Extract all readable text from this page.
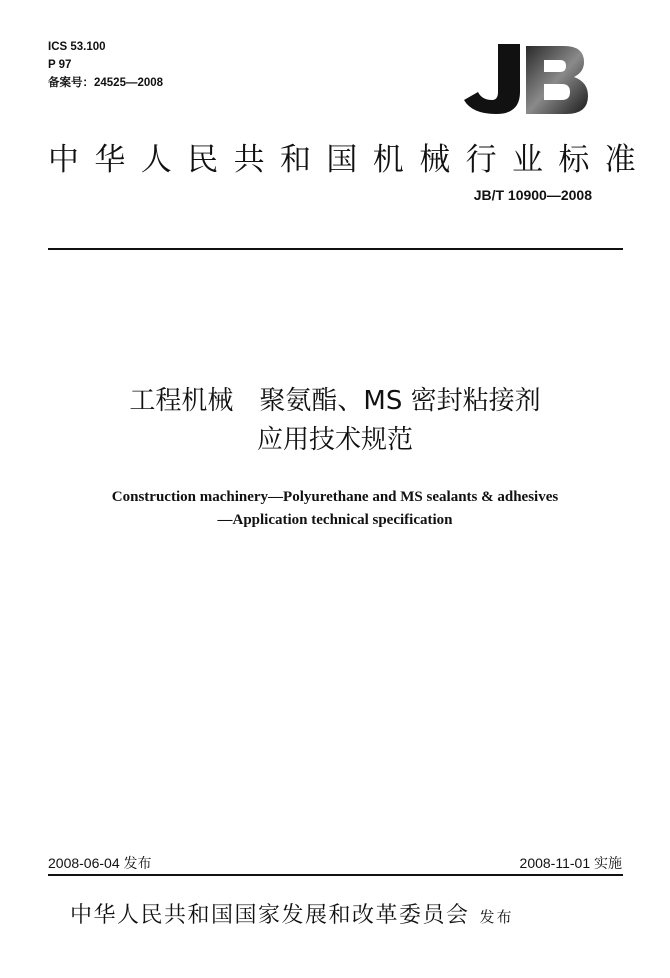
ICS 53.100
P 97
备案号：24525—2008
中华人民共和国机械行业标准
JB/T 10900—2008
工程机械　聚氨酯、MS 密封粘接剂
应用技术规范
Construction machinery—Polyurethane and MS sealants & adhesives
—Application technical specification
2008-06-04 发布	2008-11-01 实施
中华人民共和国国家发展和改革委员会 发布
